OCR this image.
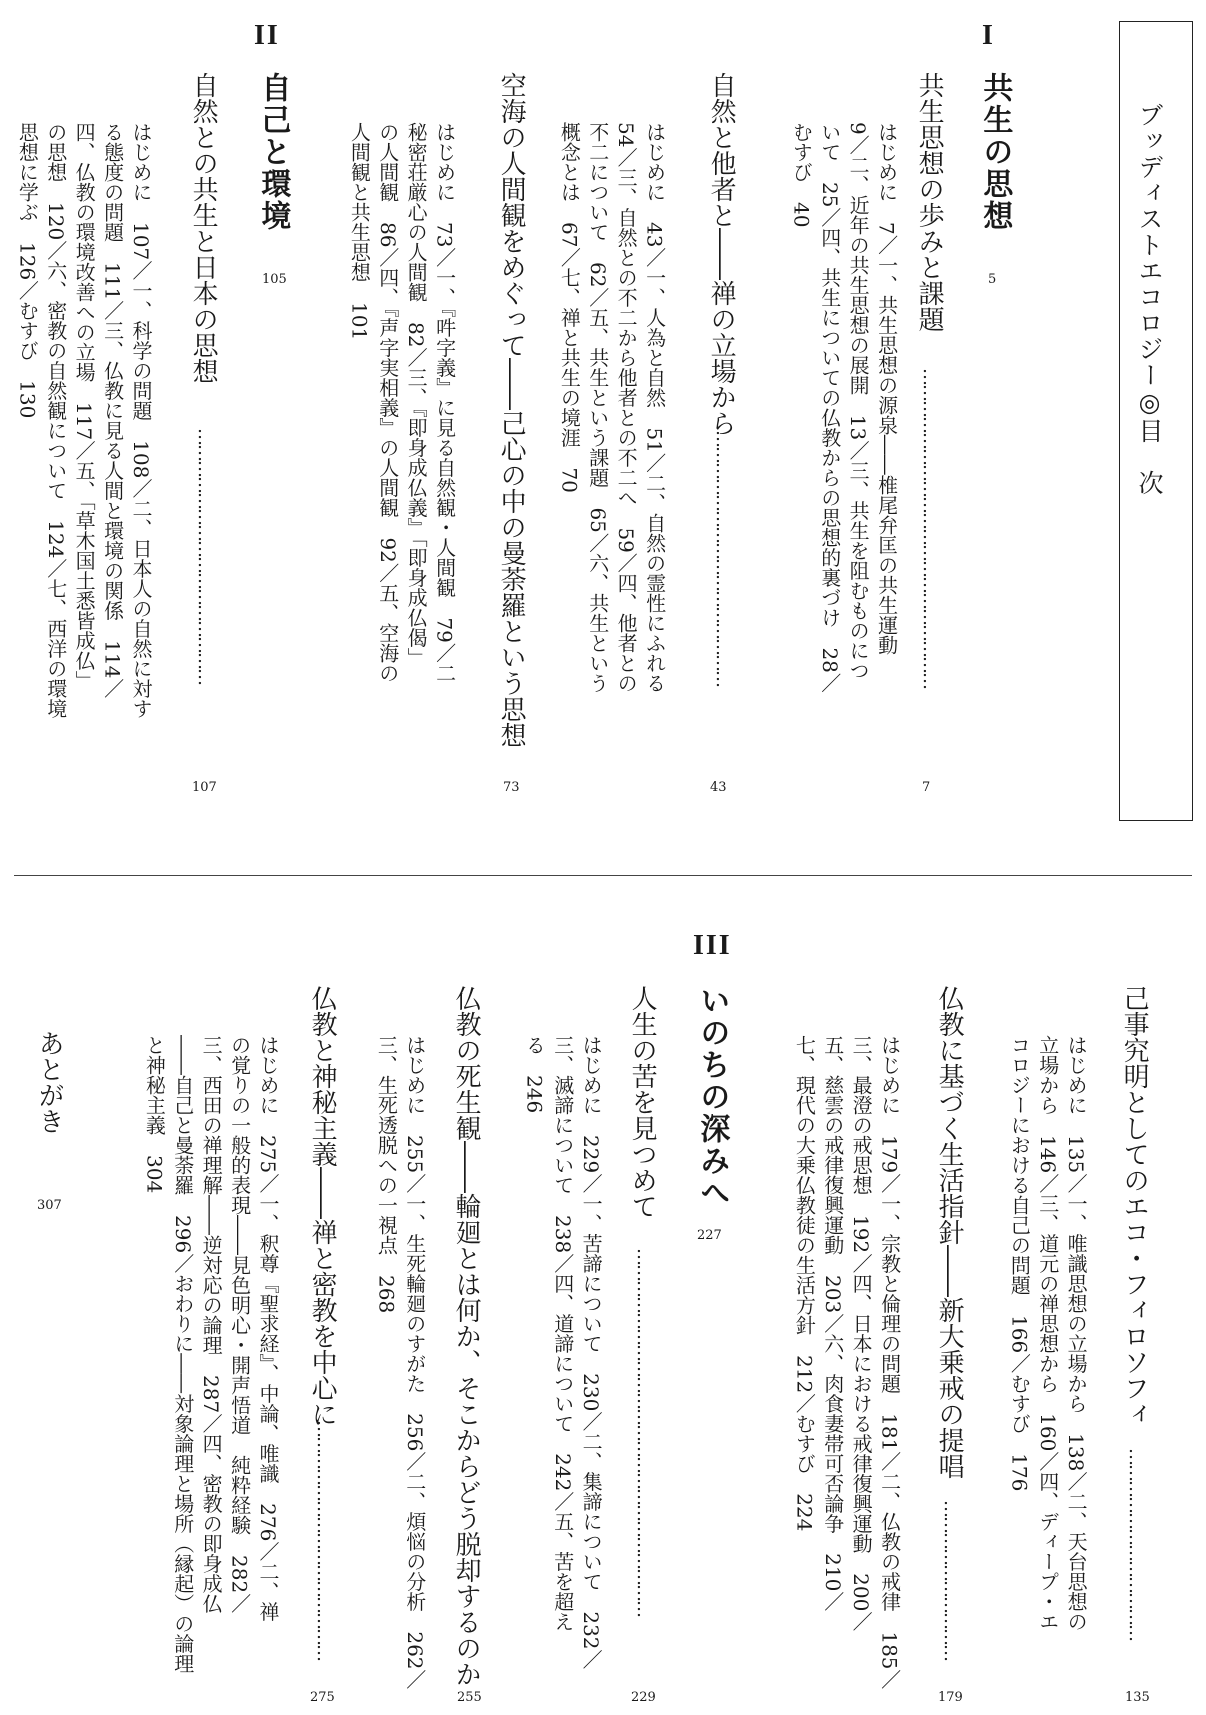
ブッディストエコロジー◎目　次
I
共生の思想
5
共生思想の歩みと課題
……………………………………………………
7
はじめに　7／一、共生思想の源泉――椎尾弁匡の共生運動
9／二、近年の共生思想の展開　13／三、共生を阻むものにつ
いて　25／四、共生についての仏教からの思想的裏づけ　28／
むすび　40
自然と他者と――禅の立場から
…………………………………………
43
はじめに　43／一、人為と自然　51／二、自然の霊性にふれる
54／三、自然との不二から他者との不二へ　59／四、他者との
不二について　62／五、共生という課題　65／六、共生という
概念とは　67／七、禅と共生の境涯　70
空海の人間観をめぐって――己心の中の曼荼羅という思想
73
はじめに　73／一、『吽字義』に見る自然観・人間観　79／二
秘密荘厳心の人間観　82／三、『即身成仏義』「即身成仏偈」
の人間観　86／四、『声字実相義』の人間観　92／五、空海の
人間観と共生思想　101
II
自己と環境
105
自然との共生と日本の思想
…………………………………………
107
はじめに　107／一、科学の問題　108／二、日本人の自然に対す
る態度の問題　111／三、仏教に見る人間と環境の関係　114／
四、仏教の環境改善への立場　117／五、「草木国土悉皆成仏」
の思想　120／六、密教の自然観について　124／七、西洋の環境
思想に学ぶ　126／むすび　130
己事究明としてのエコ・フィロソフィ
………………………………
135
はじめに　135／一、唯識思想の立場から　138／二、天台思想の
立場から　146／三、道元の禅思想から　160／四、ディープ・エ
コロジーにおける自己の問題　166／むすび　176
仏教に基づく生活指針――新大乗戒の提唱
…………………………
179
はじめに　179／一、宗教と倫理の問題　181／二、仏教の戒律　185／
三、最澄の戒思想　192／四、日本における戒律復興運動　200／
五、慈雲の戒律復興運動　203／六、肉食妻帯可否論争　210／
七、現代の大乗仏教徒の生活方針　212／むすび　224
III
いのちの深みへ
227
人生の苦を見つめて
……………………………………………………………
229
はじめに　229／一、苦諦について　230／二、集諦について　232／
三、滅諦について　238／四、道諦について　242／五、苦を超え
る　246
仏教の死生観――輪廻とは何か、そこからどう脱却するのか
255
はじめに　255／一、生死輪廻のすがた　256／二、煩悩の分析　262／
三、生死透脱への一視点　268
仏教と神秘主義――禅と密教を中心に
………………………………………
275
はじめに　275／一、釈尊『聖求経』、中論、唯識　276／二、禅
の覚りの一般的表現――見色明心・開声悟道　純粋経験　282／
三、西田の禅理解――逆対応の論理　287／四、密教の即身成仏
――自己と曼荼羅　296／おわりに――対象論理と場所（縁起）の論理
と神秘主義　304
あとがき
307
